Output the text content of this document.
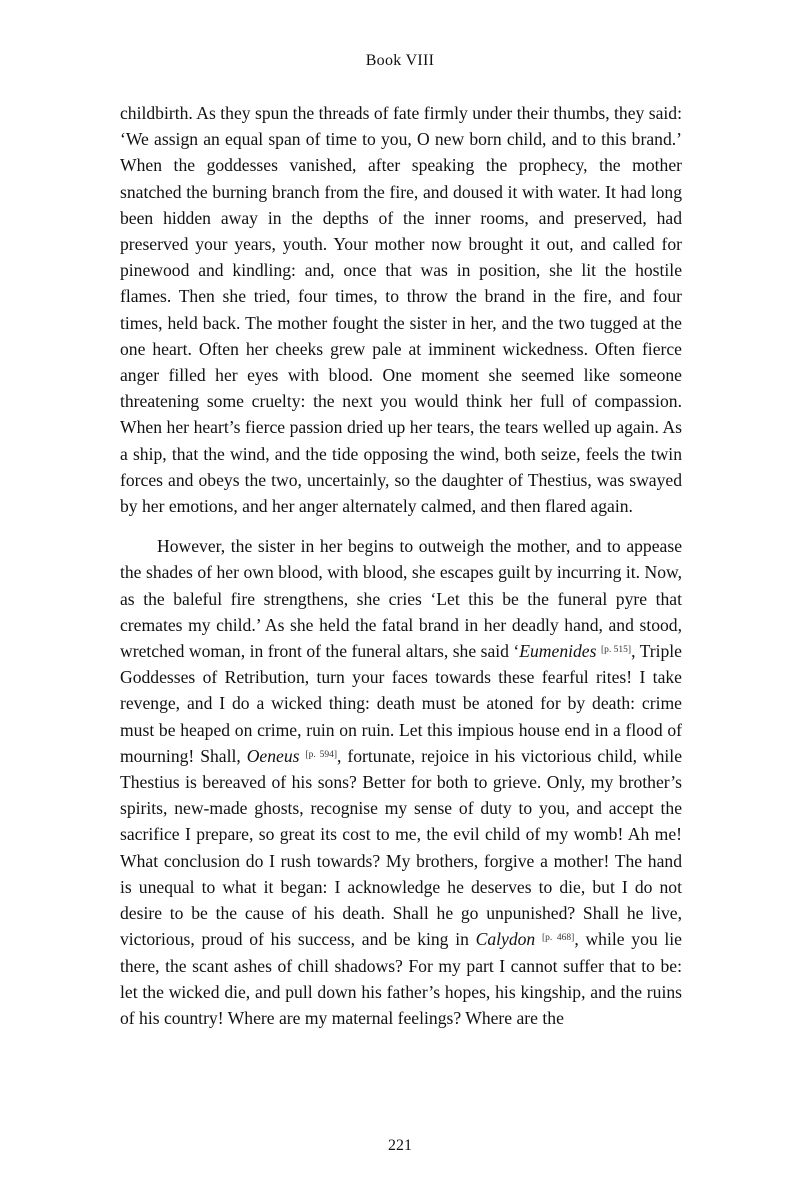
Book VIII

childbirth. As they spun the threads of fate firmly under their thumbs, they said: ‘We assign an equal span of time to you, O new born child, and to this brand.’ When the goddesses vanished, after speaking the prophecy, the mother snatched the burning branch from the fire, and doused it with water. It had long been hidden away in the depths of the inner rooms, and preserved, had preserved your years, youth. Your mother now brought it out, and called for pinewood and kindling: and, once that was in position, she lit the hostile flames. Then she tried, four times, to throw the brand in the fire, and four times, held back. The mother fought the sister in her, and the two tugged at the one heart. Often her cheeks grew pale at imminent wickedness. Often fierce anger filled her eyes with blood. One moment she seemed like someone threatening some cruelty: the next you would think her full of compassion. When her heart’s fierce passion dried up her tears, the tears welled up again. As a ship, that the wind, and the tide opposing the wind, both seize, feels the twin forces and obeys the two, uncertainly, so the daughter of Thestius, was swayed by her emotions, and her anger alternately calmed, and then flared again.

However, the sister in her begins to outweigh the mother, and to appease the shades of her own blood, with blood, she escapes guilt by incurring it. Now, as the baleful fire strengthens, she cries ‘Let this be the funeral pyre that cremates my child.’ As she held the fatal brand in her deadly hand, and stood, wretched woman, in front of the funeral altars, she said ‘Eumenides [p. 515], Triple Goddesses of Retribution, turn your faces towards these fearful rites! I take revenge, and I do a wicked thing: death must be atoned for by death: crime must be heaped on crime, ruin on ruin. Let this impious house end in a flood of mourning! Shall, Oeneus [p. 594], fortunate, rejoice in his victorious child, while Thestius is bereaved of his sons? Better for both to grieve. Only, my brother’s spirits, new-made ghosts, recognise my sense of duty to you, and accept the sacrifice I prepare, so great its cost to me, the evil child of my womb! Ah me! What conclusion do I rush towards? My brothers, forgive a mother! The hand is unequal to what it began: I acknowledge he deserves to die, but I do not desire to be the cause of his death. Shall he go unpunished? Shall he live, victorious, proud of his success, and be king in Calydon [p. 468], while you lie there, the scant ashes of chill shadows? For my part I cannot suffer that to be: let the wicked die, and pull down his father’s hopes, his kingship, and the ruins of his country! Where are my maternal feelings? Where are the

221
